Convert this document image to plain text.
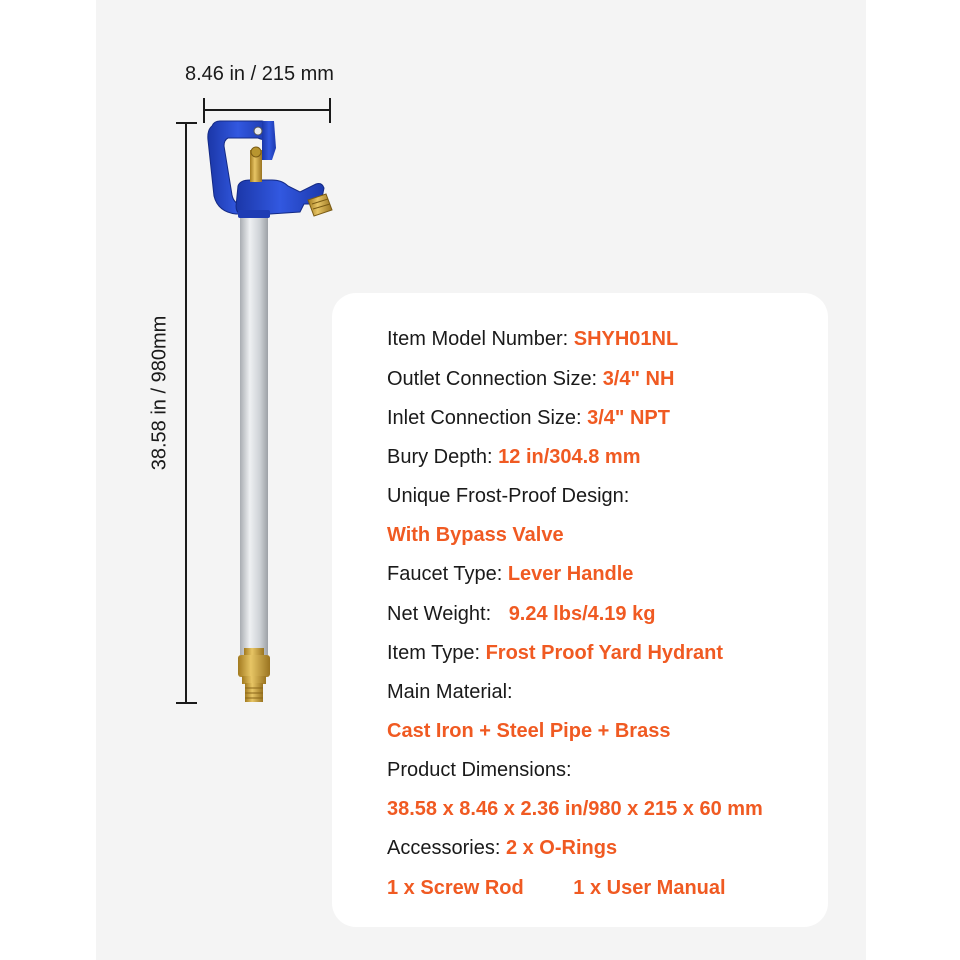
8.46 in / 215 mm
38.58 in / 980mm	Item Model Number: SHYH01NL
Outlet Connection Size: 3/4" NH
Inlet Connection Size: 3/4" NPT
Bury Depth: 12 in/304.8 mm
Unique Frost-Proof Design:
With Bypass Valve
Faucet Type: Lever Handle
Net Weight: 9.24 lbs/4.19 kg
Item Type: Frost Proof Yard Hydrant
Main Material:
Cast Iron + Steel Pipe + Brass
Product Dimensions:
38.58 x 8.46 x 2.36 in/980 x 215 x 60 mm
Accessories: 2 x O-Rings
1 x Screw Rod 1 x User Manual
